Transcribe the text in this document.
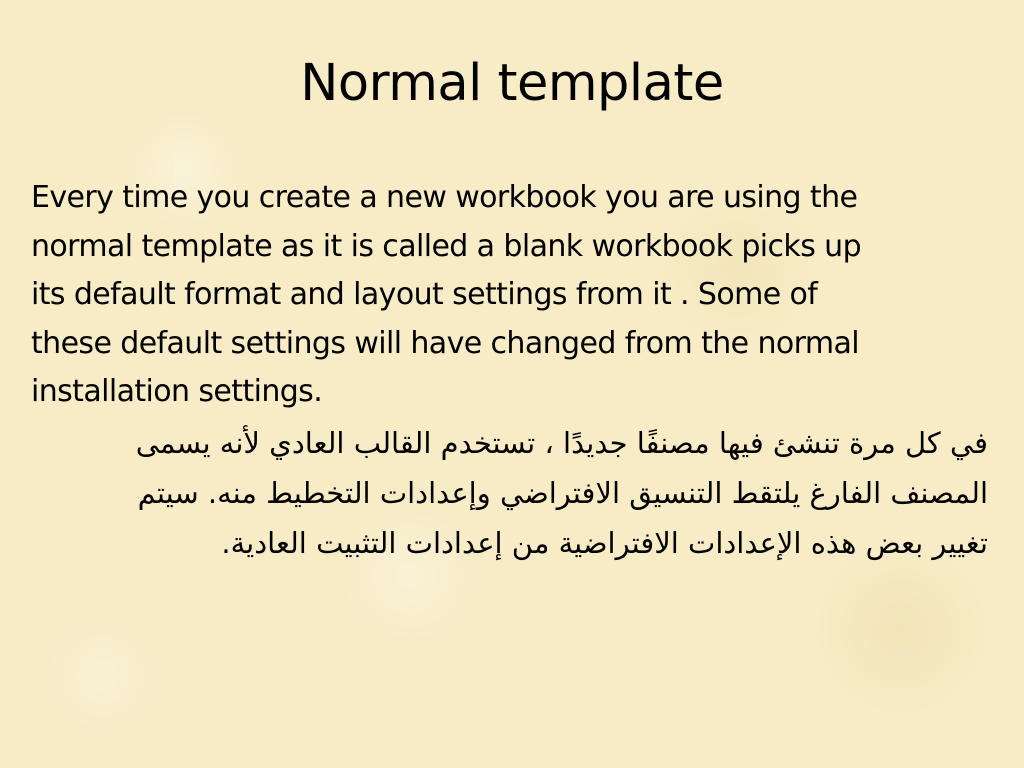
Normal template
Every time you create a new workbook you are using the
normal template as it is called a blank workbook picks up
its default format and layout settings from it . Some of
these default settings will have changed from the normal
installation settings.
في كل مرة تنشئ فيها مصنفًا جديدًا ، تستخدم القالب العادي لأنه يسمى
المصنف الفارغ يلتقط التنسيق الافتراضي وإعدادات التخطيط منه. سيتم
تغيير بعض هذه الإعدادات الافتراضية من إعدادات التثبيت العادية.
